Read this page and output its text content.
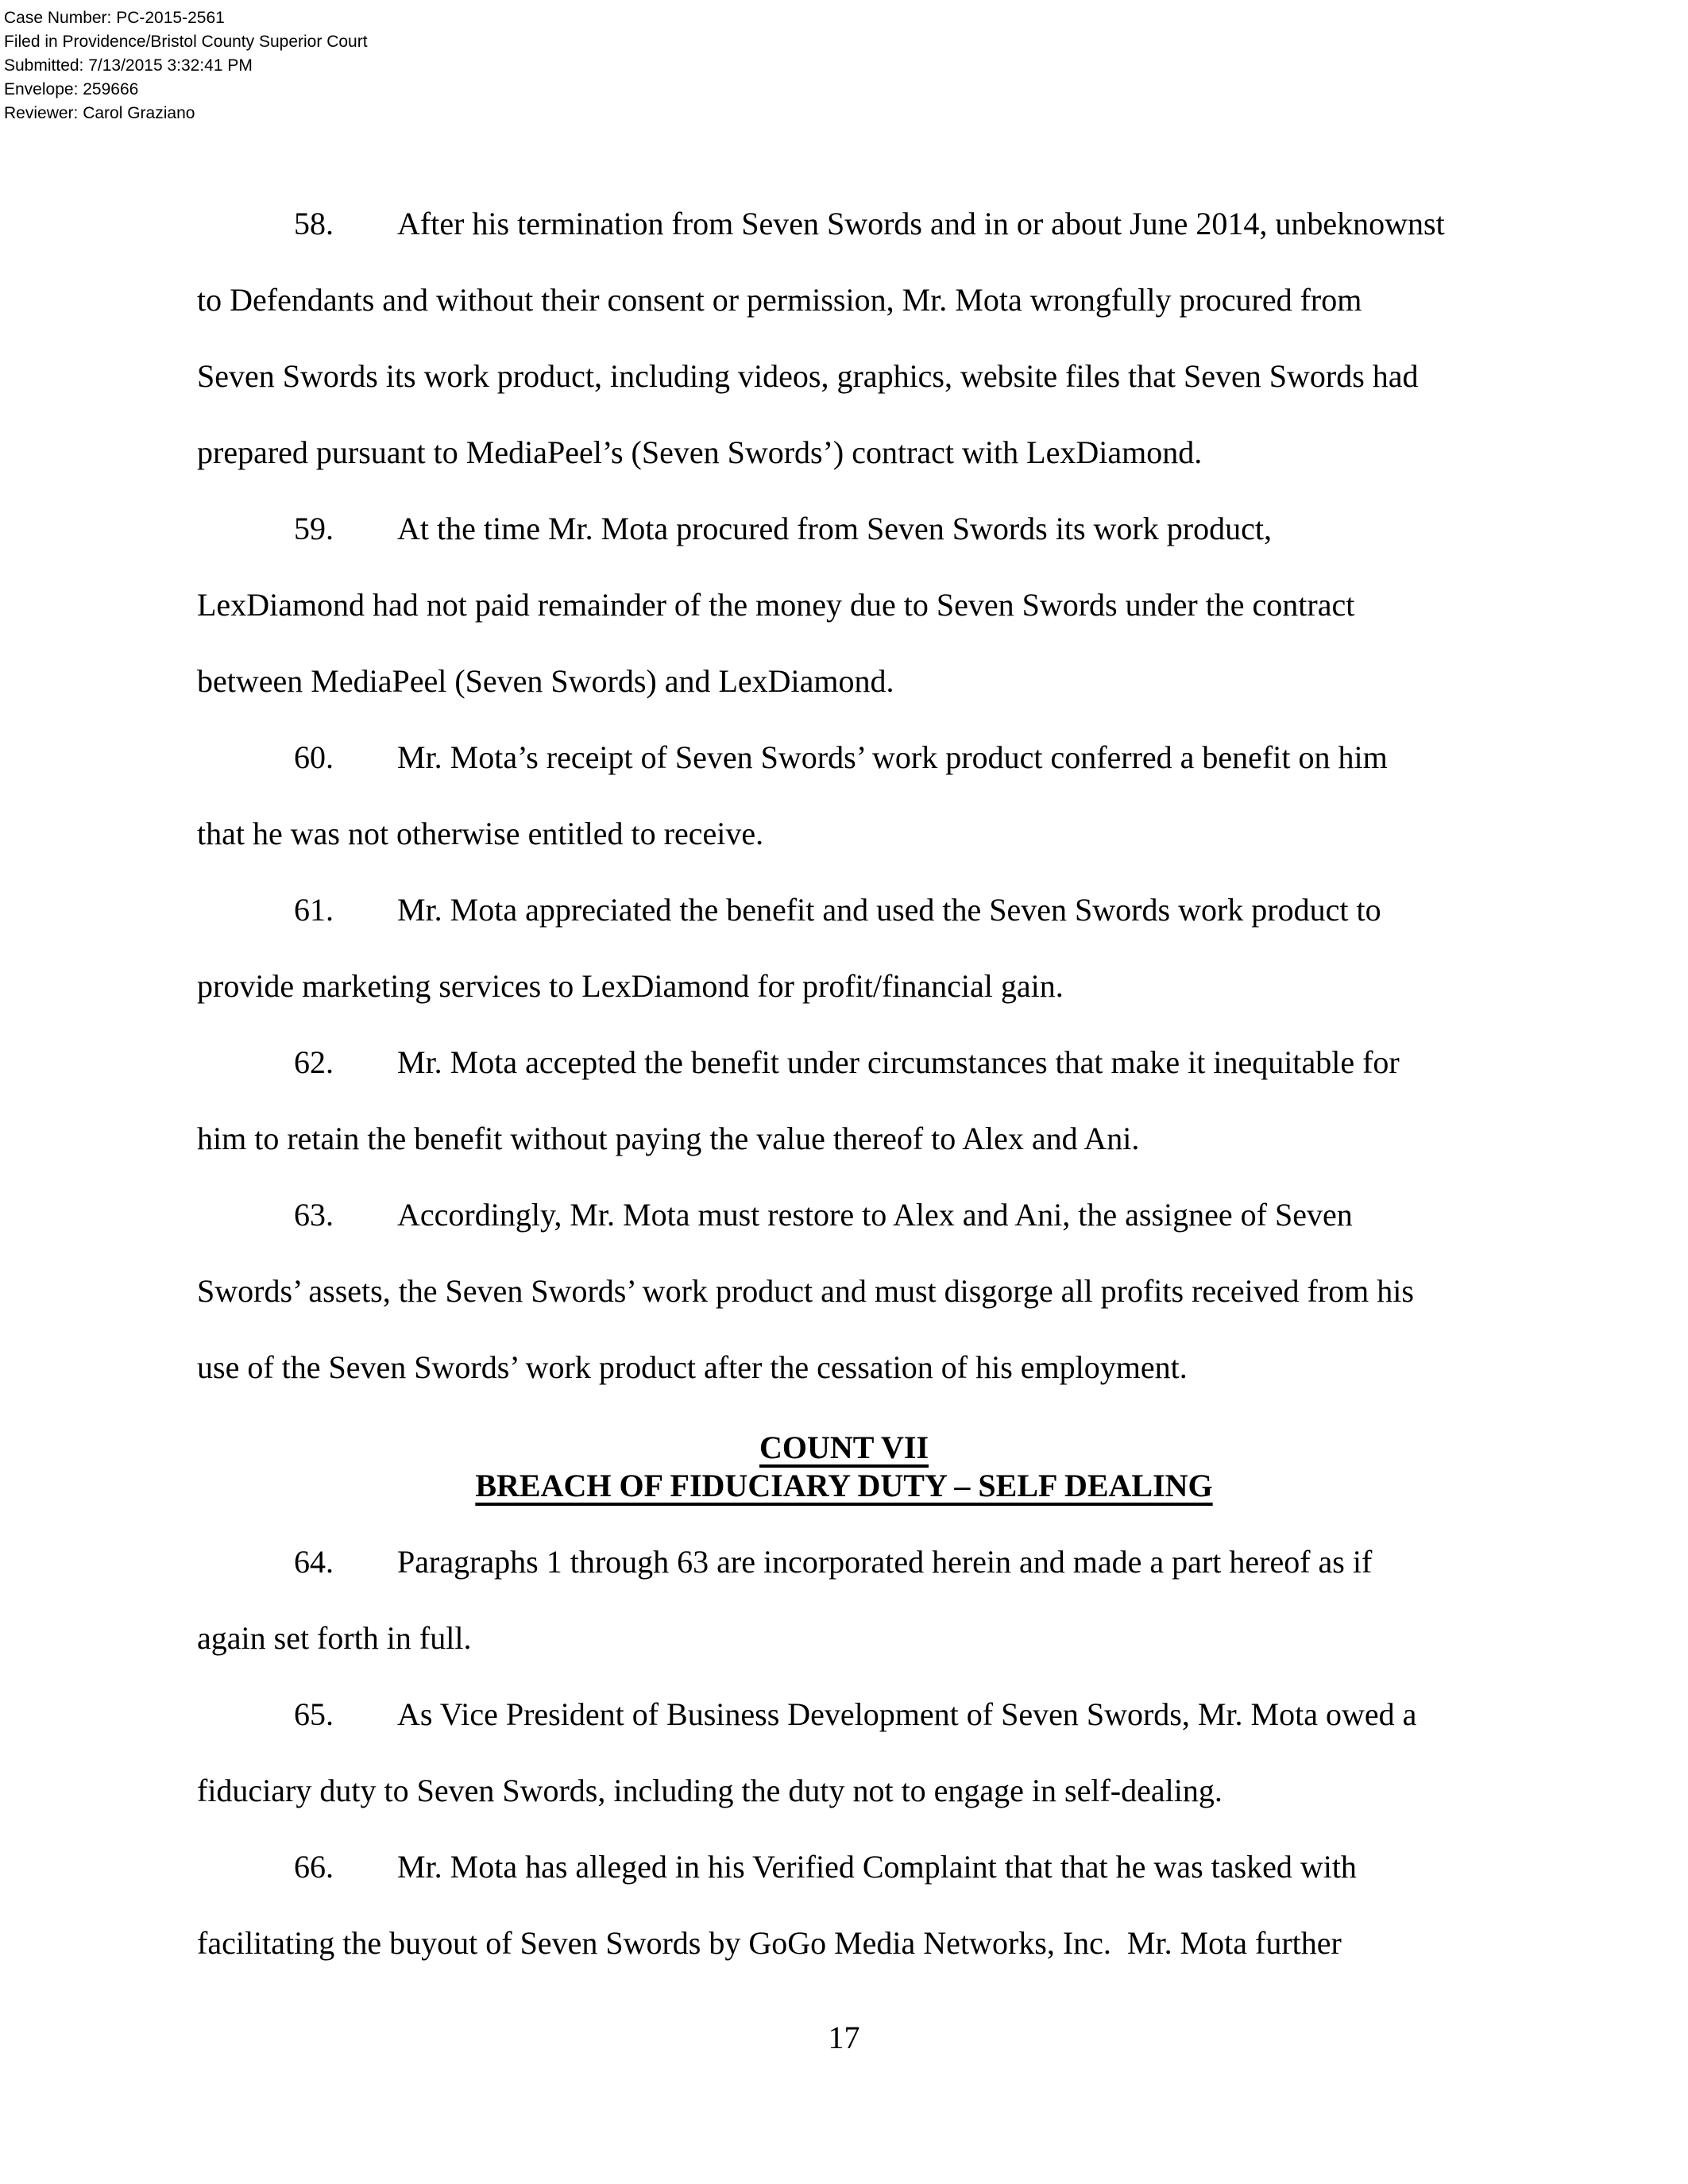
Case Number: PC-2015-2561
Filed in Providence/Bristol County Superior Court
Submitted: 7/13/2015 3:32:41 PM
Envelope: 259666
Reviewer: Carol Graziano
58. After his termination from Seven Swords and in or about June 2014, unbeknownst
to Defendants and without their consent or permission, Mr. Mota wrongfully procured from
Seven Swords its work product, including videos, graphics, website files that Seven Swords had
prepared pursuant to MediaPeel’s (Seven Swords’) contract with LexDiamond.
59. At the time Mr. Mota procured from Seven Swords its work product,
LexDiamond had not paid remainder of the money due to Seven Swords under the contract
between MediaPeel (Seven Swords) and LexDiamond.
60. Mr. Mota’s receipt of Seven Swords’ work product conferred a benefit on him
that he was not otherwise entitled to receive.
61. Mr. Mota appreciated the benefit and used the Seven Swords work product to
provide marketing services to LexDiamond for profit/financial gain.
62. Mr. Mota accepted the benefit under circumstances that make it inequitable for
him to retain the benefit without paying the value thereof to Alex and Ani.
63. Accordingly, Mr. Mota must restore to Alex and Ani, the assignee of Seven
Swords’ assets, the Seven Swords’ work product and must disgorge all profits received from his
use of the Seven Swords’ work product after the cessation of his employment.
COUNT VII
BREACH OF FIDUCIARY DUTY – SELF DEALING
64. Paragraphs 1 through 63 are incorporated herein and made a part hereof as if
again set forth in full.
65. As Vice President of Business Development of Seven Swords, Mr. Mota owed a
fiduciary duty to Seven Swords, including the duty not to engage in self-dealing.
66. Mr. Mota has alleged in his Verified Complaint that that he was tasked with
facilitating the buyout of Seven Swords by GoGo Media Networks, Inc.  Mr. Mota further
17
